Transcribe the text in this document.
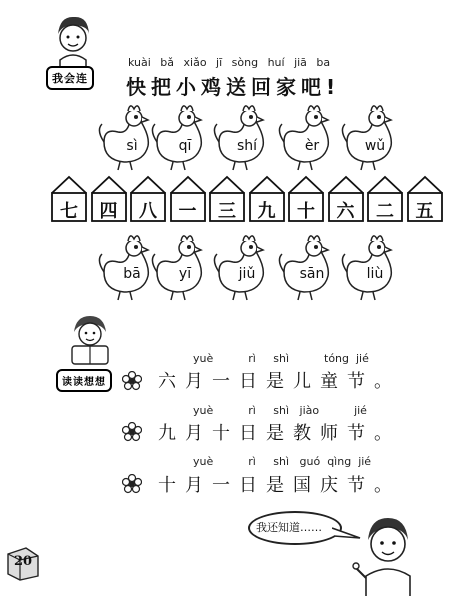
我会连
kuài bǎ xiǎo jī sòng huí jiā ba
快把小鸡送回家吧!
sì	qī	shí	èr	wǔ
七	四	八	一	三	九	十	六	二	五
bā	yī	jiǔ	sān	liù
读读想想
yuè          rì     shì          tóng  jié
六月一日是儿童节。
yuè          rì     shì   jiào          jié
九月十日是教师节。
yuè          rì     shì   guó  qìng  jié
十月一日是国庆节。
我还知道……
20
